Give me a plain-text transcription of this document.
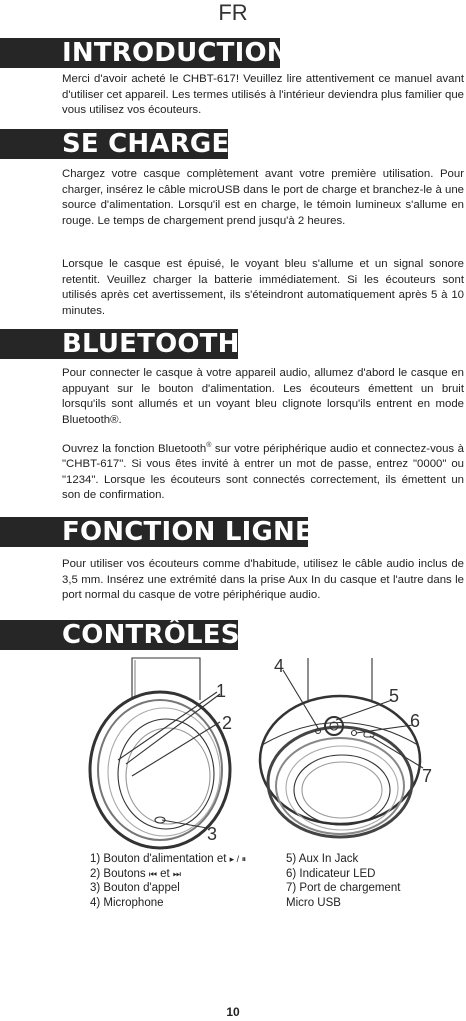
FR
INTRODUCTION

Merci d'avoir acheté le CHBT-617! Veuillez lire attentivement ce manuel avant d'utiliser cet appareil. Les termes utilisés à l'intérieur deviendra plus familier que vous utilisez vos écouteurs.

SE CHARGE

Chargez votre casque complètement avant votre première utilisation. Pour charger, insérez le câble microUSB dans le port de charge et branchez-le à une source d'alimentation. Lorsqu'il est en charge, le témoin lumineux s'allume en rouge. Le temps de chargement prend jusqu'à 2 heures.

Lorsque le casque est épuisé, le voyant bleu s'allume et un signal sonore retentit. Veuillez charger la batterie immédiatement. Si les écouteurs sont utilisés après cet avertissement, ils s'éteindront automatiquement après 5 à 10 minutes.

BLUETOOTH®

Pour connecter le casque à votre appareil audio, allumez d'abord le casque en appuyant sur le bouton d'alimentation. Les écouteurs émettent un bruit lorsqu'ils sont allumés et un voyant bleu clignote lorsqu'ils entrent en mode Bluetooth®.

Ouvrez la fonction Bluetooth® sur votre périphérique audio et connectez-vous à "CHBT-617". Si vous êtes invité à entrer un mot de passe, entrez "0000" ou "1234". Lorsque les écouteurs sont connectés correctement, ils émettent un son de confirmation.

FONCTION LIGNE

Pour utiliser vos écouteurs comme d'habitude, utilisez le câble audio inclus de 3,5 mm. Insérez une extrémité dans la prise Aux In du casque et l'autre dans le port normal du casque de votre périphérique audio.

CONTRÔLES
1
2
3
4
5
6
7
1) Bouton d'alimentation et ▸ / ⏸
2) Boutons ⏮ et ⏭
3) Bouton d'appel
4) Microphone
5) Aux In Jack
6) Indicateur LED
7) Port de chargement
Micro USB
10
